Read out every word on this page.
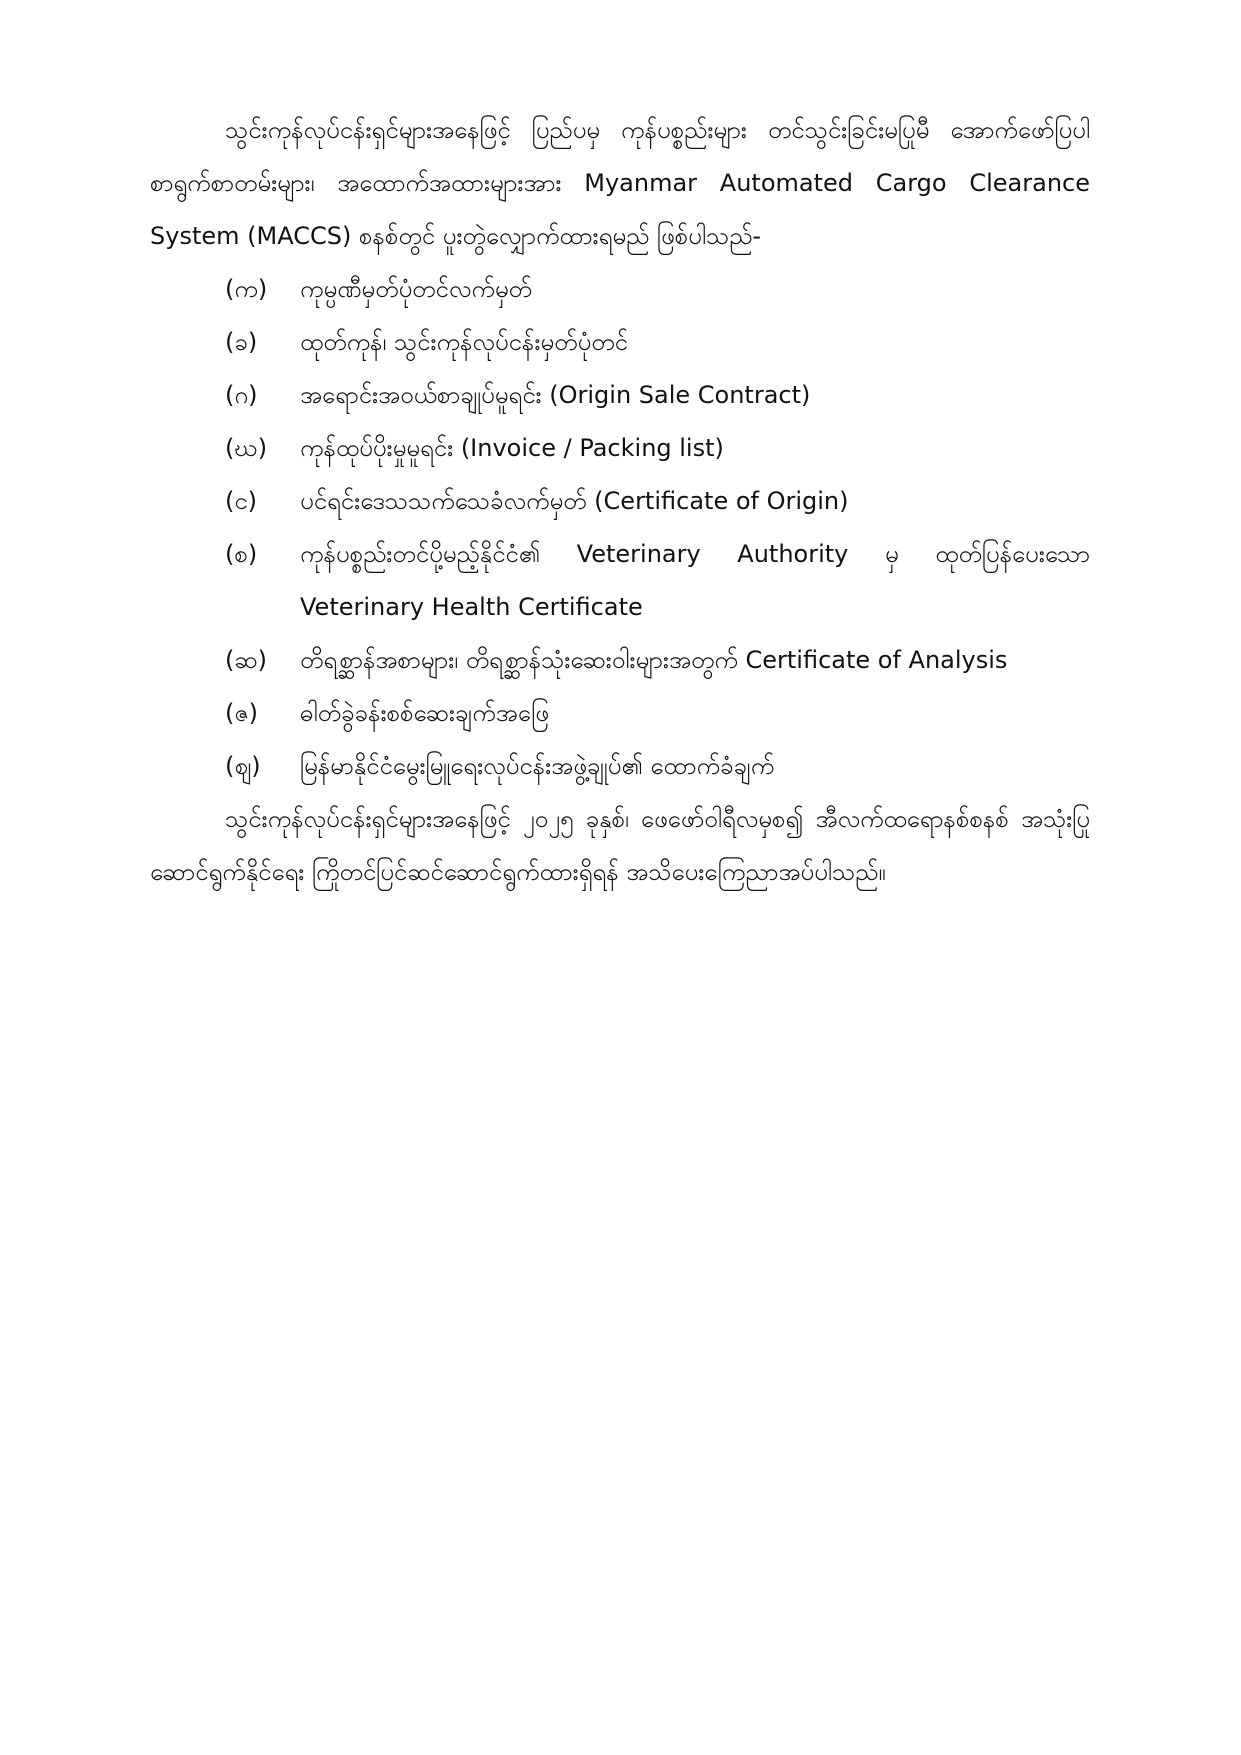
သွင်းကုန်လုပ်ငန်းရှင်များအနေဖြင့် ပြည်ပမှ ကုန်ပစ္စည်းများ တင်သွင်းခြင်းမပြုမီ အောက်ဖော်ပြပါ စာရွက်စာတမ်းများ၊ အထောက်အထားများအား Myanmar Automated Cargo Clearance System (MACCS) စနစ်တွင် ပူးတွဲလျှောက်ထားရမည် ဖြစ်ပါသည်-

(က)	ကုမ္ပဏီမှတ်ပုံတင်လက်မှတ်
(ခ)	ထုတ်ကုန်၊ သွင်းကုန်လုပ်ငန်းမှတ်ပုံတင်
(ဂ)	အရောင်းအဝယ်စာချုပ်မူရင်း (Origin Sale Contract)
(ဃ)	ကုန်ထုပ်ပိုးမှုမူရင်း (Invoice / Packing list)
(င)	ပင်ရင်းဒေသသက်သေခံလက်မှတ် (Certificate of Origin)
(စ)	ကုန်ပစ္စည်းတင်ပို့မည့်နိုင်ငံ၏ Veterinary Authority မှ ထုတ်ပြန်ပေးသော Veterinary Health Certificate
(ဆ)	တိရစ္ဆာန်အစာများ၊ တိရစ္ဆာန်သုံးဆေးဝါးများအတွက် Certificate of Analysis
(ဇ)	ဓါတ်ခွဲခန်းစစ်ဆေးချက်အဖြေ
(ဈ)	မြန်မာနိုင်ငံမွေးမြူရေးလုပ်ငန်းအဖွဲ့ချုပ်၏ ထောက်ခံချက်

သွင်းကုန်လုပ်ငန်းရှင်များအနေဖြင့် ၂၀၂၅ ခုနှစ်၊ ဖေဖော်ဝါရီလမှစ၍ အီလက်ထရောနစ်စနစ် အသုံးပြုဆောင်ရွက်နိုင်ရေး ကြိုတင်ပြင်ဆင်ဆောင်ရွက်ထားရှိရန် အသိပေးကြေညာအပ်ပါသည်။
